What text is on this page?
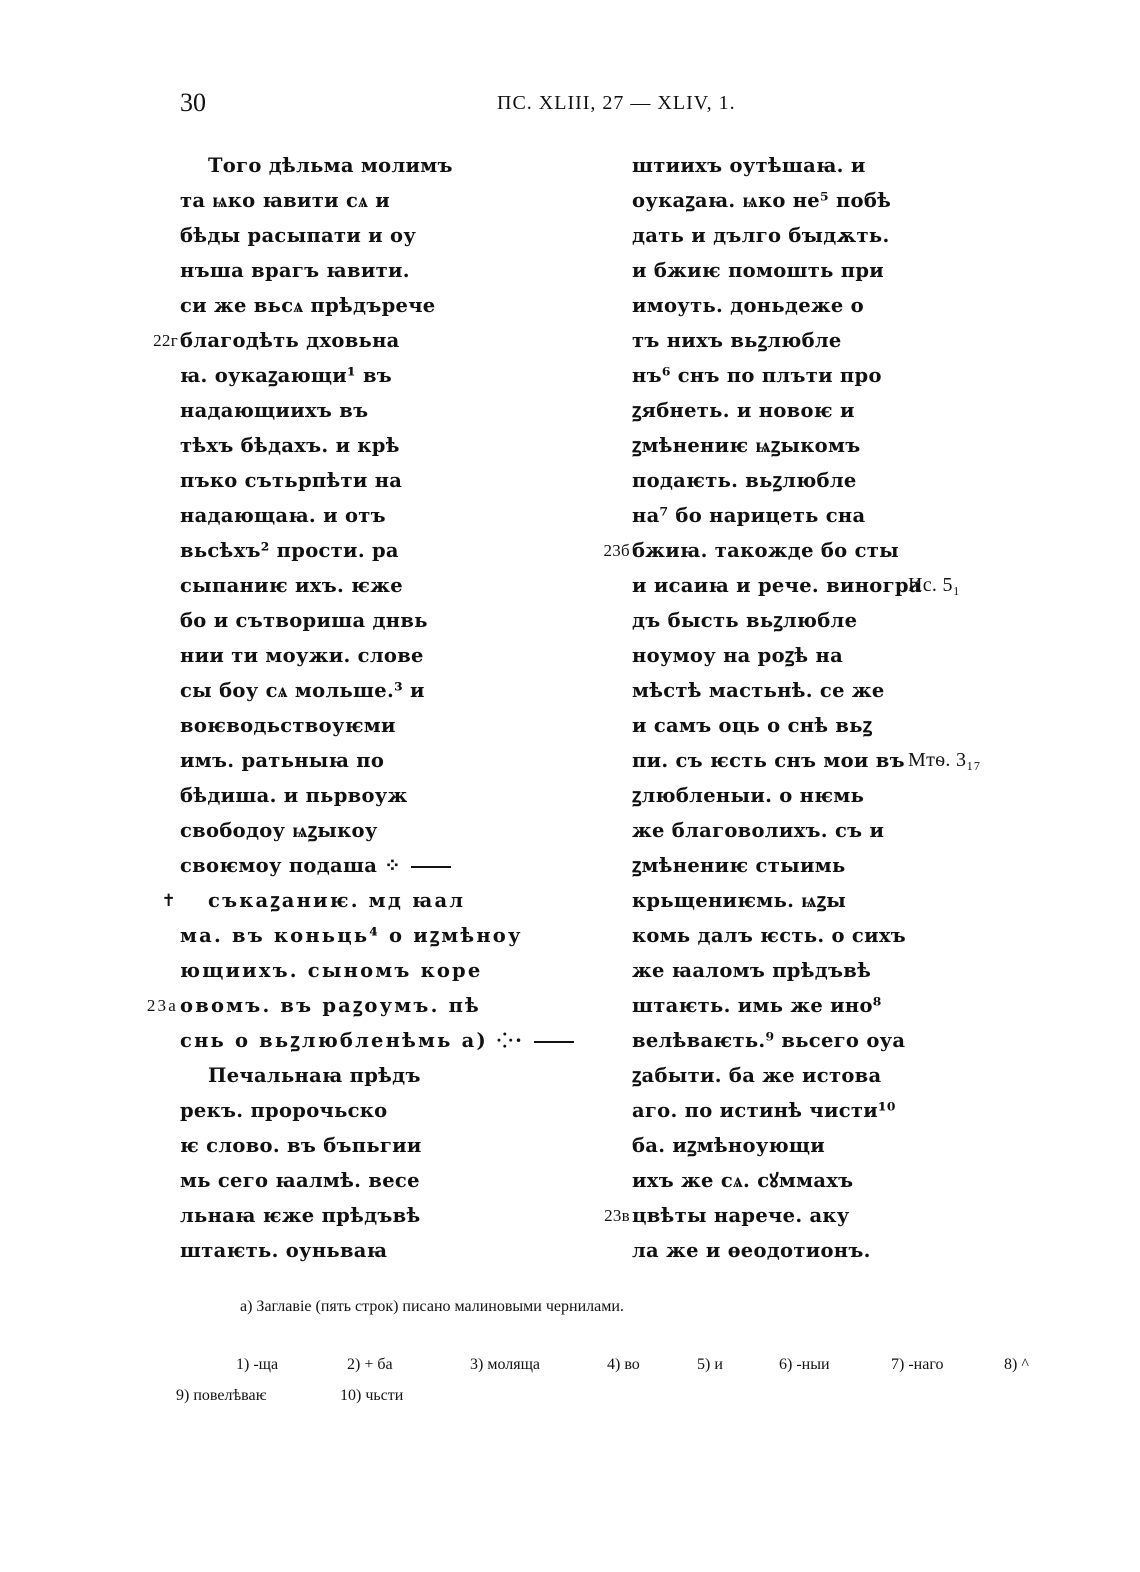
30	ПС. XLIII, 27 — XLIV, 1.
Того дѣльма молимъ
та ѩко ꙗвити сѧ и
бѣды расыпати и оу
нъша врагъ ꙗвити.
си же вьсѧ прѣдърече
22г благодѣть дховьна
ꙗ. оукаꙁающи¹ въ
надающиихъ въ
тѣхъ бѣдахъ. и крѣ
пъко сътьрпѣти на
надающаꙗ. и отъ
вьсѣхъ² прости. ра
сыпаниѥ ихъ. ѥже
бо и сътвориша днвь
нии ти моужи. слове
сы боу сѧ мольше.³ и
воѥводьствоуѥми
имъ. ратьныꙗ по
бѣдиша. и пьрвоуж
свободоу ѩꙁыкоу
своѥмоу подаша ⁘
✝ съкаꙁаниѥ. мд ꙗал
ма. въ коньць⁴ о иꙁмѣноу
ющиихъ. сыномъ коре
23а овомъ. въ раꙁоумъ. пѣ
снь о вьꙁлюбленѣмь а) ⁘·
Печальнаꙗ прѣдъ
рекъ. пророчьско
ѥ слово. въ бъпьгии
мь сего ꙗалмѣ. весе
льнаꙗ ѥже прѣдъвѣ
штаѥть. оуньваꙗ
штиихъ оутѣшаꙗ. и
оукаꙁаꙗ. ѩко не⁵ побѣ
дать и дълго бꙑдѫть.
и бжиѥ помошть при
имоуть. доньдеже о
тъ нихъ вьꙁлюбле
нъ⁶ снъ по плъти про
ꙁябнеть. и новоѥ и
ꙁмѣнениѥ ѩꙁыкомъ
подаѥть. вьꙁлюбле
на⁷ бо нарицеть сна
23б бжиꙗ. такожде бо сты
и исаиꙗ и рече. виногра
Ис. 5₁
дъ бысть вьꙁлюбле
ноумоу на роꙁѣ на
мѣстѣ мастьнѣ. се же
и самъ оць о снѣ вьꙁ
пи. съ ѥсть снъ мои въ Мтѳ. 3₁₇
ꙁлюбленыи. о нѥмь
же благоволихъ. съ и
ꙁмѣнениѥ стыимь
крьщениѥмь. ѩꙁы
комь далъ ѥсть. о сихъ
же ꙗаломъ прѣдъвѣ
штаѥть. имь же ино⁸
велѣваѥть.⁹ вьсего оуа
ꙁабыти. ба же истова
аго. по истинѣ чисти¹⁰
ба. иꙁмѣноующи
ихъ же сѧ. сꙋммахъ
23в цвѣты нарече. аку
ла же и ѳеодотионъ.
а) Заглавіе (пять строк) писано малиновыми чернилами.
1) -ща	2) + ба	3) моляща	4) во	5) и	6) -ныи	7) -наго	8) ^
9) повелѣваѥ	10) чьсти
